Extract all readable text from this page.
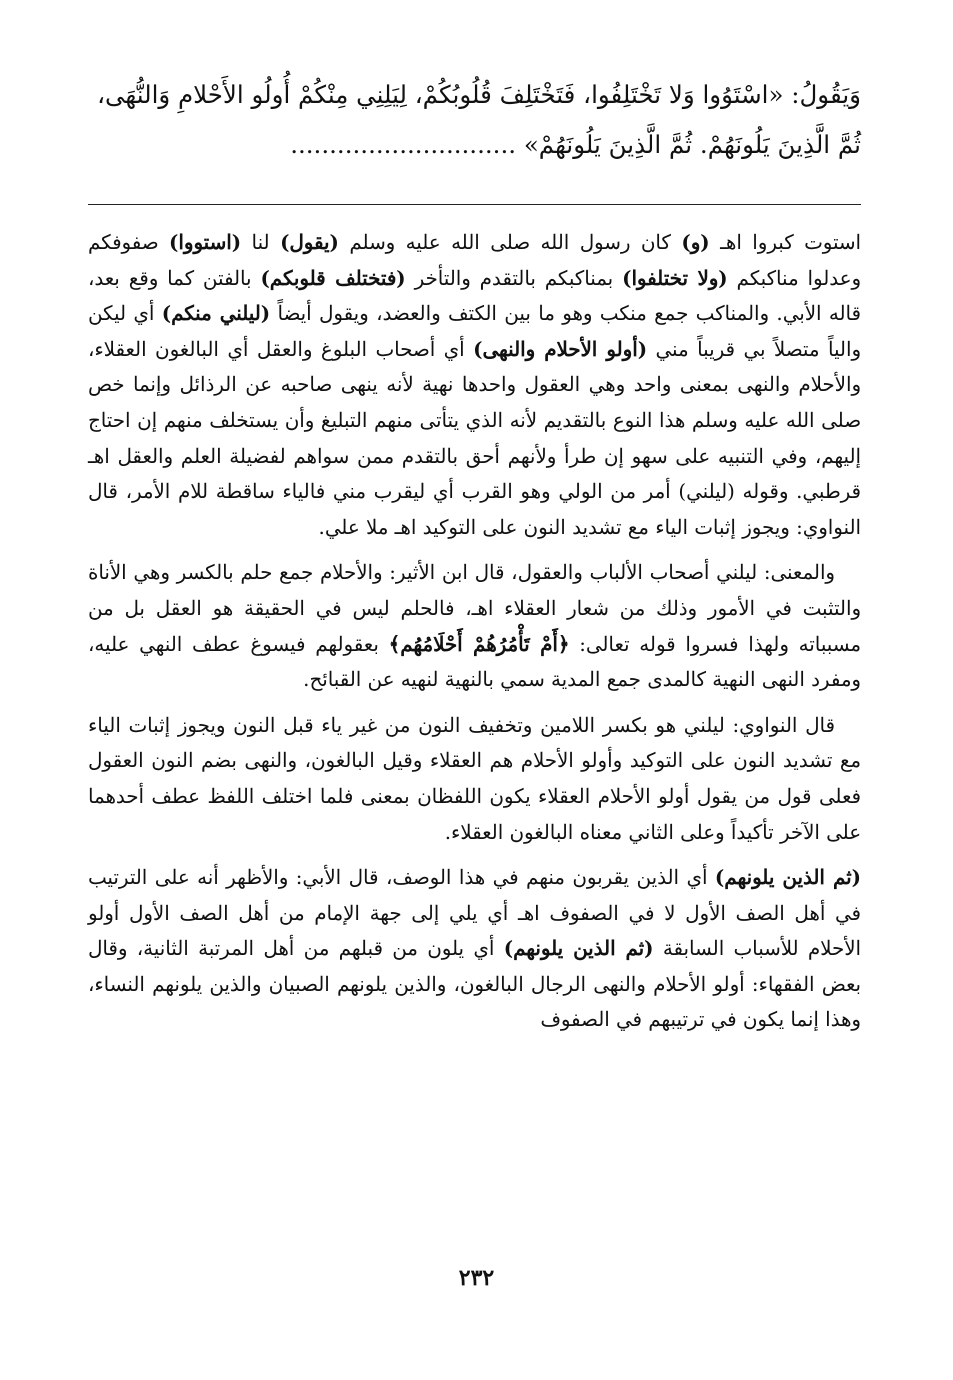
وَيَقُولُ: «اسْتَوُوا وَلا تَخْتَلِفُوا، فَتَخْتَلِفَ قُلُوبُكُمْ، لِيَلِنِي مِنْكُمْ أُولُو الأَحْلامِ وَالنُّهَى،
ثُمَّ الَّذِينَ يَلُونَهُمْ. ثُمَّ الَّذِينَ يَلُونَهُمْ» .............................

استوت كبروا اهـ (و) كان رسول الله صلى الله عليه وسلم (يقول) لنا (استووا) صفوفكم وعدلوا مناكبكم (ولا تختلفوا) بمناكبكم بالتقدم والتأخر (فتختلف قلوبكم) بالفتن كما وقع بعد، قاله الأبي. والمناكب جمع منكب وهو ما بين الكتف والعضد، ويقول أيضاً (ليلني منكم) أي ليكن والياً متصلاً بي قريباً مني (أولو الأحلام والنهى) أي أصحاب البلوغ والعقل أي البالغون العقلاء، والأحلام والنهى بمعنى واحد وهي العقول واحدها نهية لأنه ينهى صاحبه عن الرذائل وإنما خص صلى الله عليه وسلم هذا النوع بالتقديم لأنه الذي يتأتى منهم التبليغ وأن يستخلف منهم إن احتاج إليهم، وفي التنبيه على سهو إن طرأ ولأنهم أحق بالتقدم ممن سواهم لفضيلة العلم والعقل اهـ قرطبي. وقوله (ليلني) أمر من الولي وهو القرب أي ليقرب مني فالياء ساقطة للام الأمر، قال النواوي: ويجوز إثبات الياء مع تشديد النون على التوكيد اهـ ملا علي.

والمعنى: ليلني أصحاب الألباب والعقول، قال ابن الأثير: والأحلام جمع حلم بالكسر وهي الأناة والتثبت في الأمور وذلك من شعار العقلاء اهـ، فالحلم ليس في الحقيقة هو العقل بل من مسبباته ولهذا فسروا قوله تعالى: ﴿أَمْ تَأْمُرُهُمْ أَحْلَامُهُم﴾ بعقولهم فيسوغ عطف النهي عليه، ومفرد النهى النهية كالمدى جمع المدية سمي بالنهية لنهيه عن القبائح.

قال النواوي: ليلني هو بكسر اللامين وتخفيف النون من غير ياء قبل النون ويجوز إثبات الياء مع تشديد النون على التوكيد وأولو الأحلام هم العقلاء وقيل البالغون، والنهى بضم النون العقول فعلى قول من يقول أولو الأحلام العقلاء يكون اللفظان بمعنى فلما اختلف اللفظ عطف أحدهما على الآخر تأكيداً وعلى الثاني معناه البالغون العقلاء.

(ثم الذين يلونهم) أي الذين يقربون منهم في هذا الوصف، قال الأبي: والأظهر أنه على الترتيب في أهل الصف الأول لا في الصفوف اهـ أي يلي إلى جهة الإمام من أهل الصف الأول أولو الأحلام للأسباب السابقة (ثم الذين يلونهم) أي يلون من قبلهم من أهل المرتبة الثانية، وقال بعض الفقهاء: أولو الأحلام والنهى الرجال البالغون، والذين يلونهم الصبيان والذين يلونهم النساء، وهذا إنما يكون في ترتيبهم في الصفوف

٢٣٢
